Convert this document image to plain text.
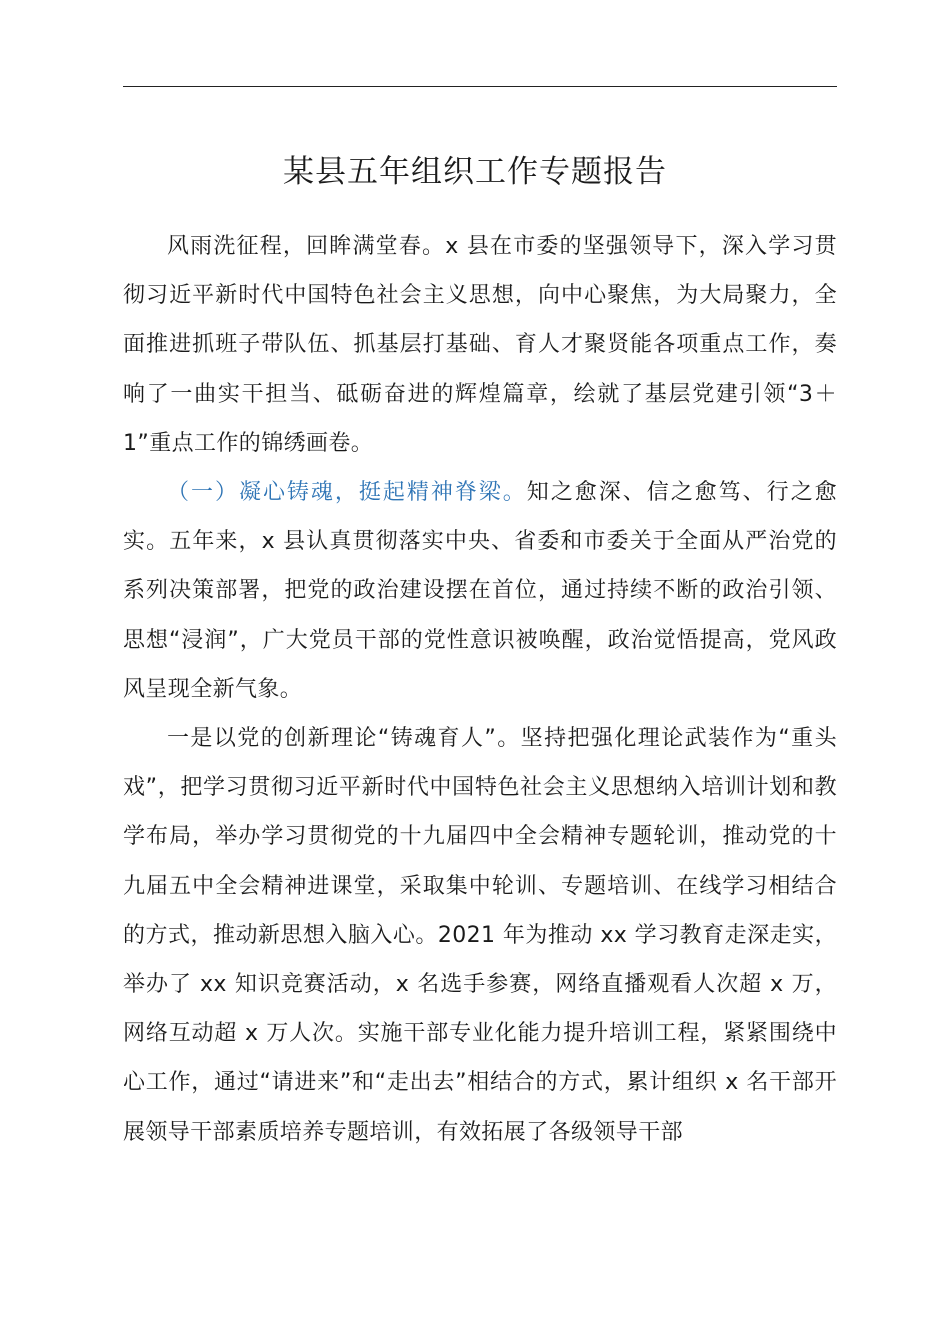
某县五年组织工作专题报告

风雨洗征程，回眸满堂春。x 县在市委的坚强领导下，深入学习贯彻习近平新时代中国特色社会主义思想，向中心聚焦，为大局聚力，全面推进抓班子带队伍、抓基层打基础、育人才聚贤能各项重点工作，奏响了一曲实干担当、砥砺奋进的辉煌篇章，绘就了基层党建引领“3＋1”重点工作的锦绣画卷。

（一）凝心铸魂，挺起精神脊梁。知之愈深、信之愈笃、行之愈实。五年来，x 县认真贯彻落实中央、省委和市委关于全面从严治党的系列决策部署，把党的政治建设摆在首位，通过持续不断的政治引领、思想“浸润”，广大党员干部的党性意识被唤醒，政治觉悟提高，党风政风呈现全新气象。

一是以党的创新理论“铸魂育人”。坚持把强化理论武装作为“重头戏”，把学习贯彻习近平新时代中国特色社会主义思想纳入培训计划和教学布局，举办学习贯彻党的十九届四中全会精神专题轮训，推动党的十九届五中全会精神进课堂，采取集中轮训、专题培训、在线学习相结合的方式，推动新思想入脑入心。2021 年为推动 xx 学习教育走深走实，举办了 xx 知识竞赛活动，x 名选手参赛，网络直播观看人次超 x 万，网络互动超 x 万人次。实施干部专业化能力提升培训工程，紧紧围绕中心工作，通过“请进来”和“走出去”相结合的方式，累计组织 x 名干部开展领导干部素质培养专题培训，有效拓展了各级领导干部
